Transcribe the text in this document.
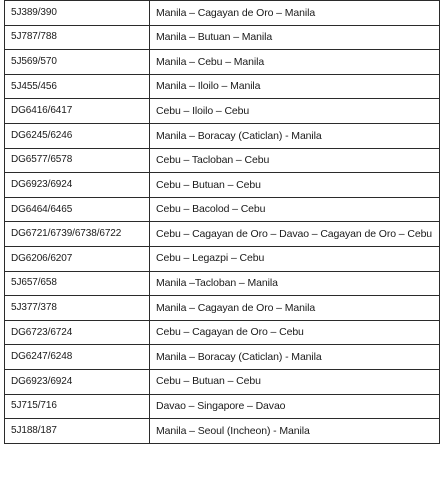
5J389/390	Manila – Cagayan de Oro – Manila
5J787/788	Manila – Butuan – Manila
5J569/570	Manila – Cebu – Manila
5J455/456	Manila – Iloilo – Manila
DG6416/6417	Cebu – Iloilo – Cebu
DG6245/6246	Manila – Boracay (Caticlan) - Manila
DG6577/6578	Cebu – Tacloban – Cebu
DG6923/6924	Cebu – Butuan – Cebu
DG6464/6465	Cebu – Bacolod – Cebu
DG6721/6739/6738/6722	Cebu – Cagayan de Oro – Davao – Cagayan de Oro – Cebu
DG6206/6207	Cebu – Legazpi – Cebu
5J657/658	Manila –Tacloban – Manila
5J377/378	Manila – Cagayan de Oro – Manila
DG6723/6724	Cebu – Cagayan de Oro – Cebu
DG6247/6248	Manila – Boracay (Caticlan) - Manila
DG6923/6924	Cebu – Butuan – Cebu
5J715/716	Davao – Singapore – Davao
5J188/187	Manila – Seoul (Incheon) - Manila
